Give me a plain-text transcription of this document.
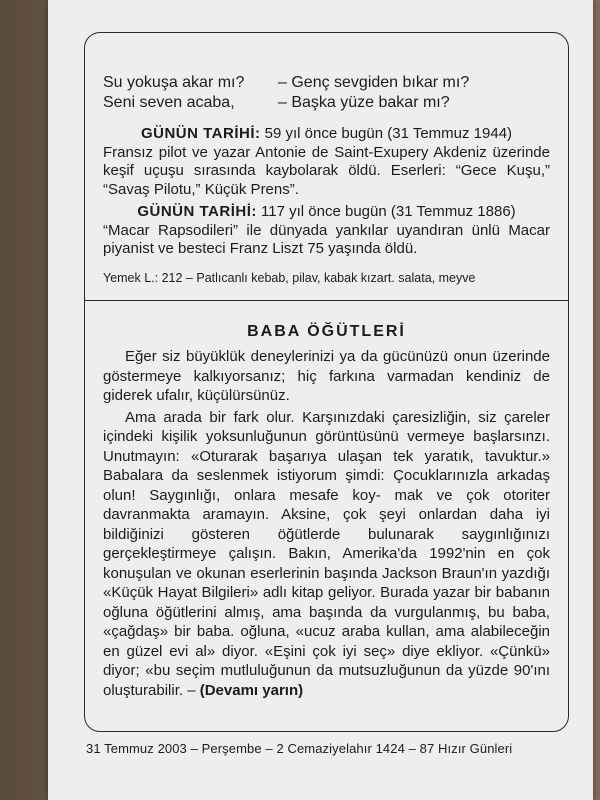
Su yokuşa akar mı?	– Genç sevgiden bıkar mı?
Seni seven acaba,	– Başka yüze bakar mı?
GÜNÜN TARİHİ: 59 yıl önce bugün (31 Temmuz 1944)
Fransız pilot ve yazar Antonie de Saint-Exupery Akdeniz üzerinde keşif uçuşu sırasında kaybolarak öldü. Eserleri: “Gece Kuşu,” “Savaş Pilotu,” Küçük Prens”.
GÜNÜN TARİHİ: 117 yıl önce bugün (31 Temmuz 1886)
“Macar Rapsodileri” ile dünyada yankılar uyandıran ünlü Macar piyanist ve besteci Franz Liszt 75 yaşında öldü.
Yemek L.: 212 – Patlıcanlı kebab, pilav, kabak kızart. salata, meyve
BABA ÖĞÜTLERİ

Eğer siz büyüklük deneylerinizi ya da gücünüzü onun üzerinde göstermeye kalkıyorsanız; hiç farkına varmadan kendiniz de giderek ufalır, küçülürsünüz.

Ama arada bir fark olur. Karşınızdaki çaresizliğin, siz çareler içindeki kişilik yoksunluğunun görüntüsünü vermeye başlarsınzı. Unutmayın: «Oturarak başarıya ulaşan tek yaratık, tavuktur.» Babalara da seslenmek istiyorum şimdi: Çocuklarınızla arkadaş olun! Saygınlığı, onlara mesafe koy- mak ve çok otoriter davranmakta aramayın. Aksine, çok şeyi onlardan daha iyi bildiğinizi gösteren öğütlerde bulunarak saygınlığınızı gerçekleştirmeye çalışın. Bakın, Amerika'da 1992'nin en çok konuşulan ve okunan eserlerinin başında Jackson Braun'ın yazdığı «Küçük Hayat Bilgileri» adlı kitap geliyor. Burada yazar bir babanın oğluna öğütlerini almış, ama başında da vurgulanmış, bu baba, «çağdaş» bir baba. oğluna, «ucuz araba kullan, ama alabileceğin en güzel evi al» diyor. «Eşini çok iyi seç» diye ekliyor. «Çünkü» diyor; «bu seçim mutluluğunun da mutsuzluğunun da yüzde 90'ını oluşturabilir. – (Devamı yarın)

31 Temmuz 2003 – Perşembe – 2 Cemaziyelahır 1424 – 87 Hızır Günleri
